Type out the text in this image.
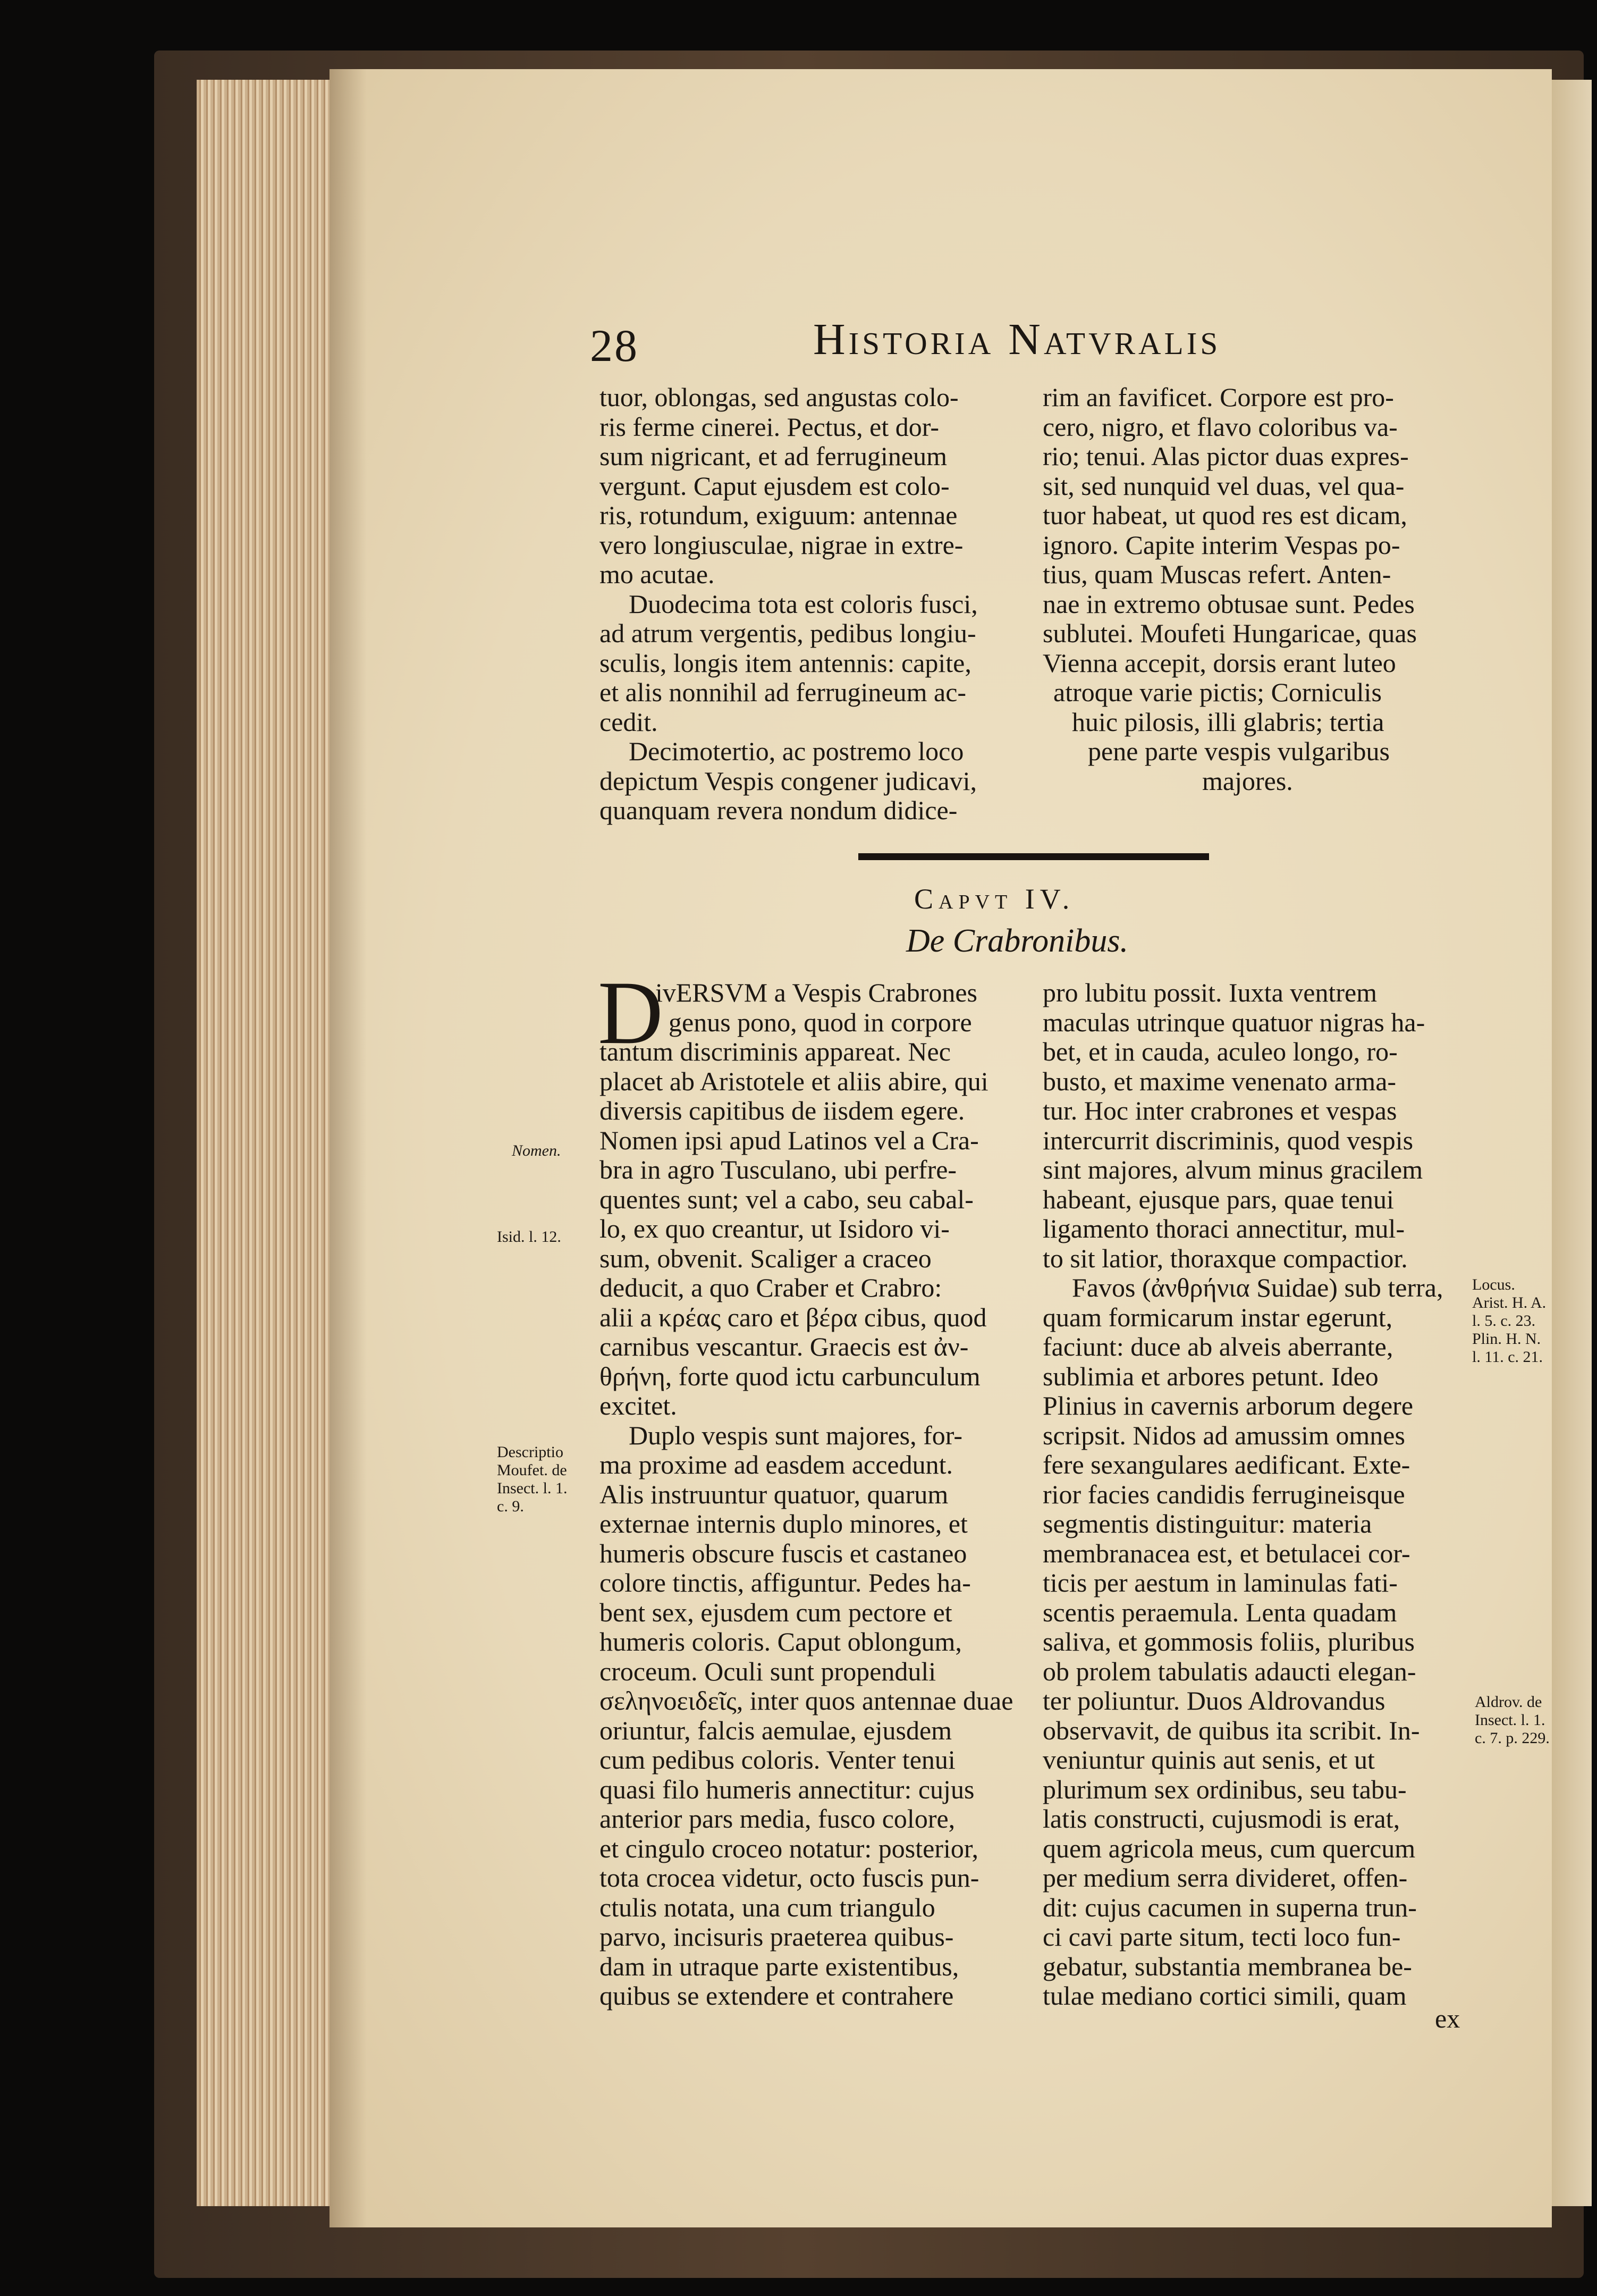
28	Historia Natvralis
tuor, oblongas, sed angustas colo-
ris ferme cinerei. Pectus, et dor-
sum nigricant, et ad ferrugineum
vergunt. Caput ejusdem est colo-
ris, rotundum, exiguum: antennae
vero longiusculae, nigrae in extre-
mo acutae.
Duodecima tota est coloris fusci,
ad atrum vergentis, pedibus longiu-
sculis, longis item antennis: capite,
et alis nonnihil ad ferrugineum ac-
cedit.
Decimotertio, ac postremo loco
depictum Vespis congener judicavi,
quanquam revera nondum didice-
rim an favificet. Corpore est pro-
cero, nigro, et flavo coloribus va-
rio; tenui. Alas pictor duas expres-
sit, sed nunquid vel duas, vel qua-
tuor habeat, ut quod res est dicam,
ignoro. Capite interim Vespas po-
tius, quam Muscas refert. Anten-
nae in extremo obtusae sunt. Pedes
sublutei. Moufeti Hungaricae, quas
Vienna accepit, dorsis erant luteo
atroque varie pictis; Corniculis
huic pilosis, illi glabris; tertia
pene parte vespis vulgaribus
majores.
Capvt IV.
De Crabronibus.
D
ivERSVM a Vespis Crabrones
genus pono, quod in corpore
tantum discriminis appareat. Nec
placet ab Aristotele et aliis abire, qui
diversis capitibus de iisdem egere.
Nomen ipsi apud Latinos vel a Cra-
bra in agro Tusculano, ubi perfre-
quentes sunt; vel a cabo, seu cabal-
lo, ex quo creantur, ut Isidoro vi-
sum, obvenit. Scaliger a craceo
deducit, a quo Craber et Crabro:
alii a κρέας caro et βέρα cibus, quod
carnibus vescantur. Graecis est ἀν-
θρήνη, forte quod ictu carbunculum
excitet.
Duplo vespis sunt majores, for-
ma proxime ad easdem accedunt.
Alis instruuntur quatuor, quarum
externae internis duplo minores, et
humeris obscure fuscis et castaneo
colore tinctis, affiguntur. Pedes ha-
bent sex, ejusdem cum pectore et
humeris coloris. Caput oblongum,
croceum. Oculi sunt propenduli
σεληνοειδεῖς, inter quos antennae duae
oriuntur, falcis aemulae, ejusdem
cum pedibus coloris. Venter tenui
quasi filo humeris annectitur: cujus
anterior pars media, fusco colore,
et cingulo croceo notatur: posterior,
tota crocea videtur, octo fuscis pun-
ctulis notata, una cum triangulo
parvo, incisuris praeterea quibus-
dam in utraque parte existentibus,
quibus se extendere et contrahere
pro lubitu possit. Iuxta ventrem
maculas utrinque quatuor nigras ha-
bet, et in cauda, aculeo longo, ro-
busto, et maxime venenato arma-
tur. Hoc inter crabrones et vespas
intercurrit discriminis, quod vespis
sint majores, alvum minus gracilem
habeant, ejusque pars, quae tenui
ligamento thoraci annectitur, mul-
to sit latior, thoraxque compactior.
Favos (ἀνθρήνια Suidae) sub terra,
quam formicarum instar egerunt,
faciunt: duce ab alveis aberrante,
sublimia et arbores petunt. Ideo
Plinius in cavernis arborum degere
scripsit. Nidos ad amussim omnes
fere sexangulares aedificant. Exte-
rior facies candidis ferrugineisque
segmentis distinguitur: materia
membranacea est, et betulacei cor-
ticis per aestum in laminulas fati-
scentis peraemula. Lenta quadam
saliva, et gommosis foliis, pluribus
ob prolem tabulatis adaucti elegan-
ter poliuntur. Duos Aldrovandus
observavit, de quibus ita scribit. In-
veniuntur quinis aut senis, et ut
plurimum sex ordinibus, seu tabu-
latis constructi, cujusmodi is erat,
quem agricola meus, cum quercum
per medium serra divideret, offen-
dit: cujus cacumen in superna trun-
ci cavi parte situm, tecti loco fun-
gebatur, substantia membranea be-
tulae mediano cortici simili, quam
Nomen.
Isid. l. 12.
Descriptio
Moufet. de
Insect. l. 1.
c. 9.
Locus.
Arist. H. A.
l. 5. c. 23.
Plin. H. N.
l. 11. c. 21.
Aldrov. de
Insect. l. 1.
c. 7. p. 229.
ex
